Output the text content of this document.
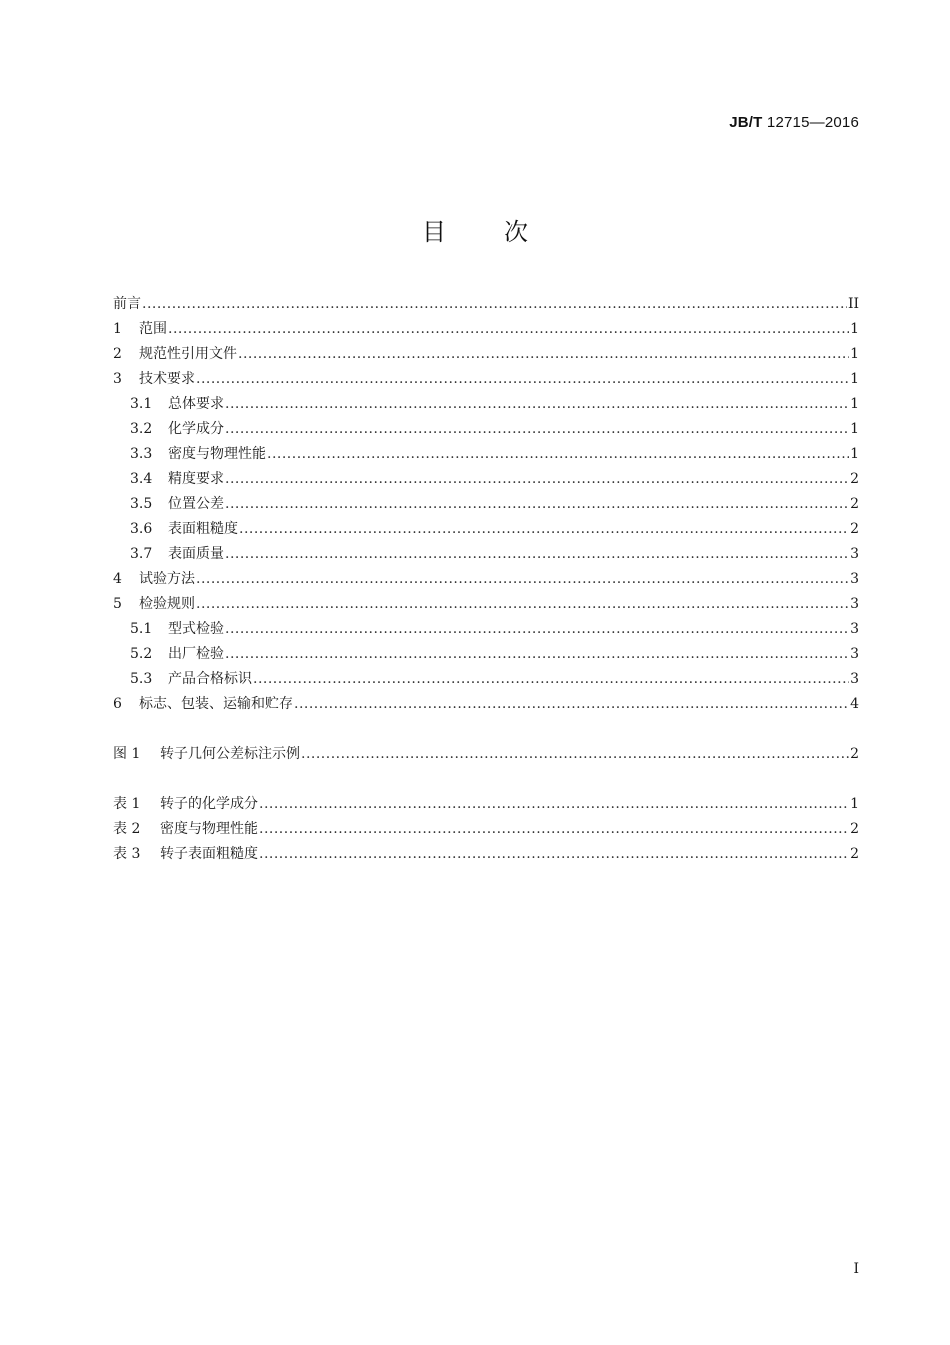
JB/T 12715—2016
目次
前言 .....	II
1	范围 .....	1
2	规范性引用文件 .....	1
3	技术要求 .....	1
3.1	总体要求 .....	1
3.2	化学成分 .....	1
3.3	密度与物理性能 .....	1
3.4	精度要求 .....	2
3.5	位置公差 .....	2
3.6	表面粗糙度 .....	2
3.7	表面质量 .....	3
4	试验方法 .....	3
5	检验规则 .....	3
5.1	型式检验 .....	3
5.2	出厂检验 .....	3
5.3	产品合格标识 .....	3
6	标志、包装、运输和贮存 .....	4
图 1	转子几何公差标注示例 .....	2
表 1	转子的化学成分 .....	1
表 2	密度与物理性能 .....	2
表 3	转子表面粗糙度 .....	2
I
